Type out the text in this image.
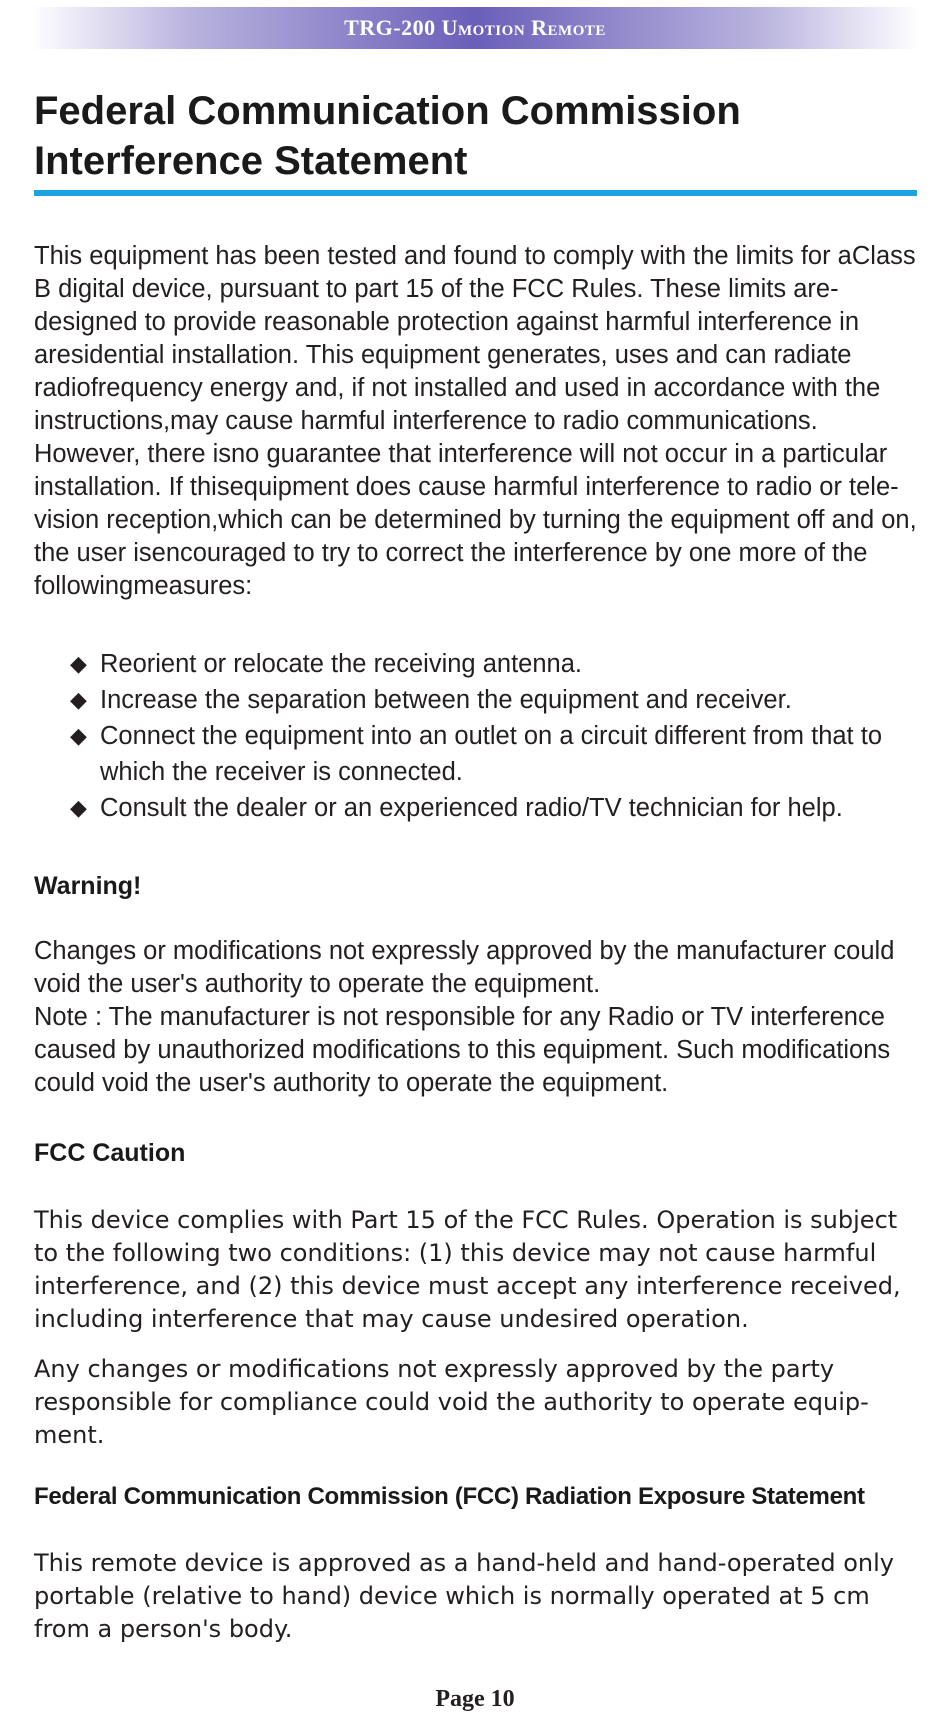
TRG-200 Umotion Remote
Federal Communication Commission
Interference Statement

This equipment has been tested and found to comply with the limits for aClass B digital device, pursuant to part 15 of the FCC Rules. These limits are-designed to provide reasonable protection against harmful interference in aresidential installation. This equipment generates, uses and can radiate radiofrequency energy and, if not installed and used in accordance with the instructions,may cause harmful interference to radio communications. However, there isno guarantee that interference will not occur in a particular installation. If thisequipment does cause harmful interference to radio or tele-vision reception,which can be determined by turning the equipment off and on, the user isencouraged to try to correct the interference by one more of the followingmeasures:

◆ Reorient or relocate the receiving antenna.
◆ Increase the separation between the equipment and receiver.
◆ Connect the equipment into an outlet on a circuit different from that to which the receiver is connected.
◆ Consult the dealer or an experienced radio/TV technician for help.
Warning!
Changes or modifications not expressly approved by the manufacturer could void the user's authority to operate the equipment.
Note : The manufacturer is not responsible for any Radio or TV interference caused by unauthorized modifications to this equipment. Such modifications could void the user's authority to operate the equipment.
FCC Caution

This device complies with Part 15 of the FCC Rules. Operation is subject to the following two conditions: (1) this device may not cause harmful interference, and (2) this device must accept any interference received, including interference that may cause undesired operation.

Any changes or modifications not expressly approved by the party responsible for compliance could void the authority to operate equip-ment.

Federal Communication Commission (FCC) Radiation Exposure Statement

This remote device is approved as a hand-held and hand-operated only portable (relative to hand) device which is normally operated at 5 cm from a person's body.

Page 10
